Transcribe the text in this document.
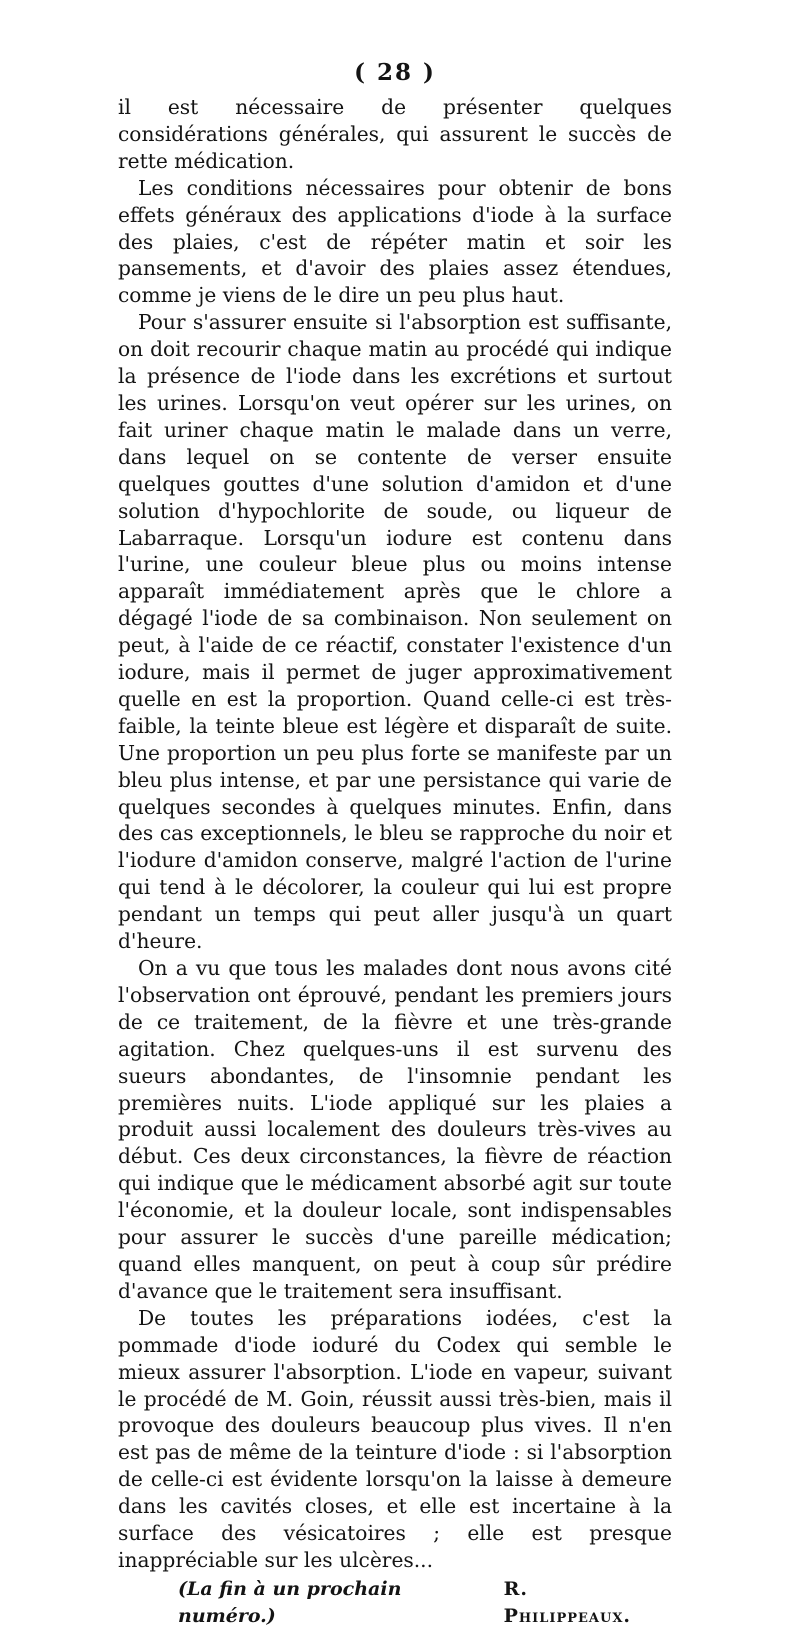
( 28 )

il est nécessaire de présenter quelques considérations générales, qui assurent le succès de rette médication.

Les conditions nécessaires pour obtenir de bons effets généraux des applications d'iode à la surface des plaies, c'est de répéter matin et soir les pansements, et d'avoir des plaies assez étendues, comme je viens de le dire un peu plus haut.

Pour s'assurer ensuite si l'absorption est suffisante, on doit recourir chaque matin au procédé qui indique la présence de l'iode dans les excrétions et surtout les urines. Lorsqu'on veut opérer sur les urines, on fait uriner chaque matin le malade dans un verre, dans lequel on se contente de verser ensuite quelques gouttes d'une solution d'amidon et d'une solution d'hypochlorite de soude, ou liqueur de Labarraque. Lorsqu'un iodure est contenu dans l'urine, une couleur bleue plus ou moins intense apparaît immédiatement après que le chlore a dégagé l'iode de sa combinaison. Non seulement on peut, à l'aide de ce réactif, constater l'existence d'un iodure, mais il permet de juger approximativement quelle en est la proportion. Quand celle-ci est très-faible, la teinte bleue est légère et disparaît de suite. Une proportion un peu plus forte se manifeste par un bleu plus intense, et par une persistance qui varie de quelques secondes à quelques minutes. Enfin, dans des cas exceptionnels, le bleu se rapproche du noir et l'iodure d'amidon conserve, malgré l'action de l'urine qui tend à le décolorer, la couleur qui lui est propre pendant un temps qui peut aller jusqu'à un quart d'heure.

On a vu que tous les malades dont nous avons cité l'observation ont éprouvé, pendant les premiers jours de ce traitement, de la fièvre et une très-grande agitation. Chez quelques-uns il est survenu des sueurs abondantes, de l'insomnie pendant les premières nuits. L'iode appliqué sur les plaies a produit aussi localement des douleurs très-vives au début. Ces deux circonstances, la fièvre de réaction qui indique que le médicament absorbé agit sur toute l'économie, et la douleur locale, sont indispensables pour assurer le succès d'une pareille médication; quand elles manquent, on peut à coup sûr prédire d'avance que le traitement sera insuffisant.

De toutes les préparations iodées, c'est la pommade d'iode ioduré du Codex qui semble le mieux assurer l'absorption. L'iode en vapeur, suivant le procédé de M. Goin, réussit aussi très-bien, mais il provoque des douleurs beaucoup plus vives. Il n'en est pas de même de la teinture d'iode : si l'absorption de celle-ci est évidente lorsqu'on la laisse à demeure dans les cavités closes, et elle est incertaine à la surface des vésicatoires ; elle est presque inappréciable sur les ulcères...

(La fin à un prochain numéro.)
R. Philippeaux.
